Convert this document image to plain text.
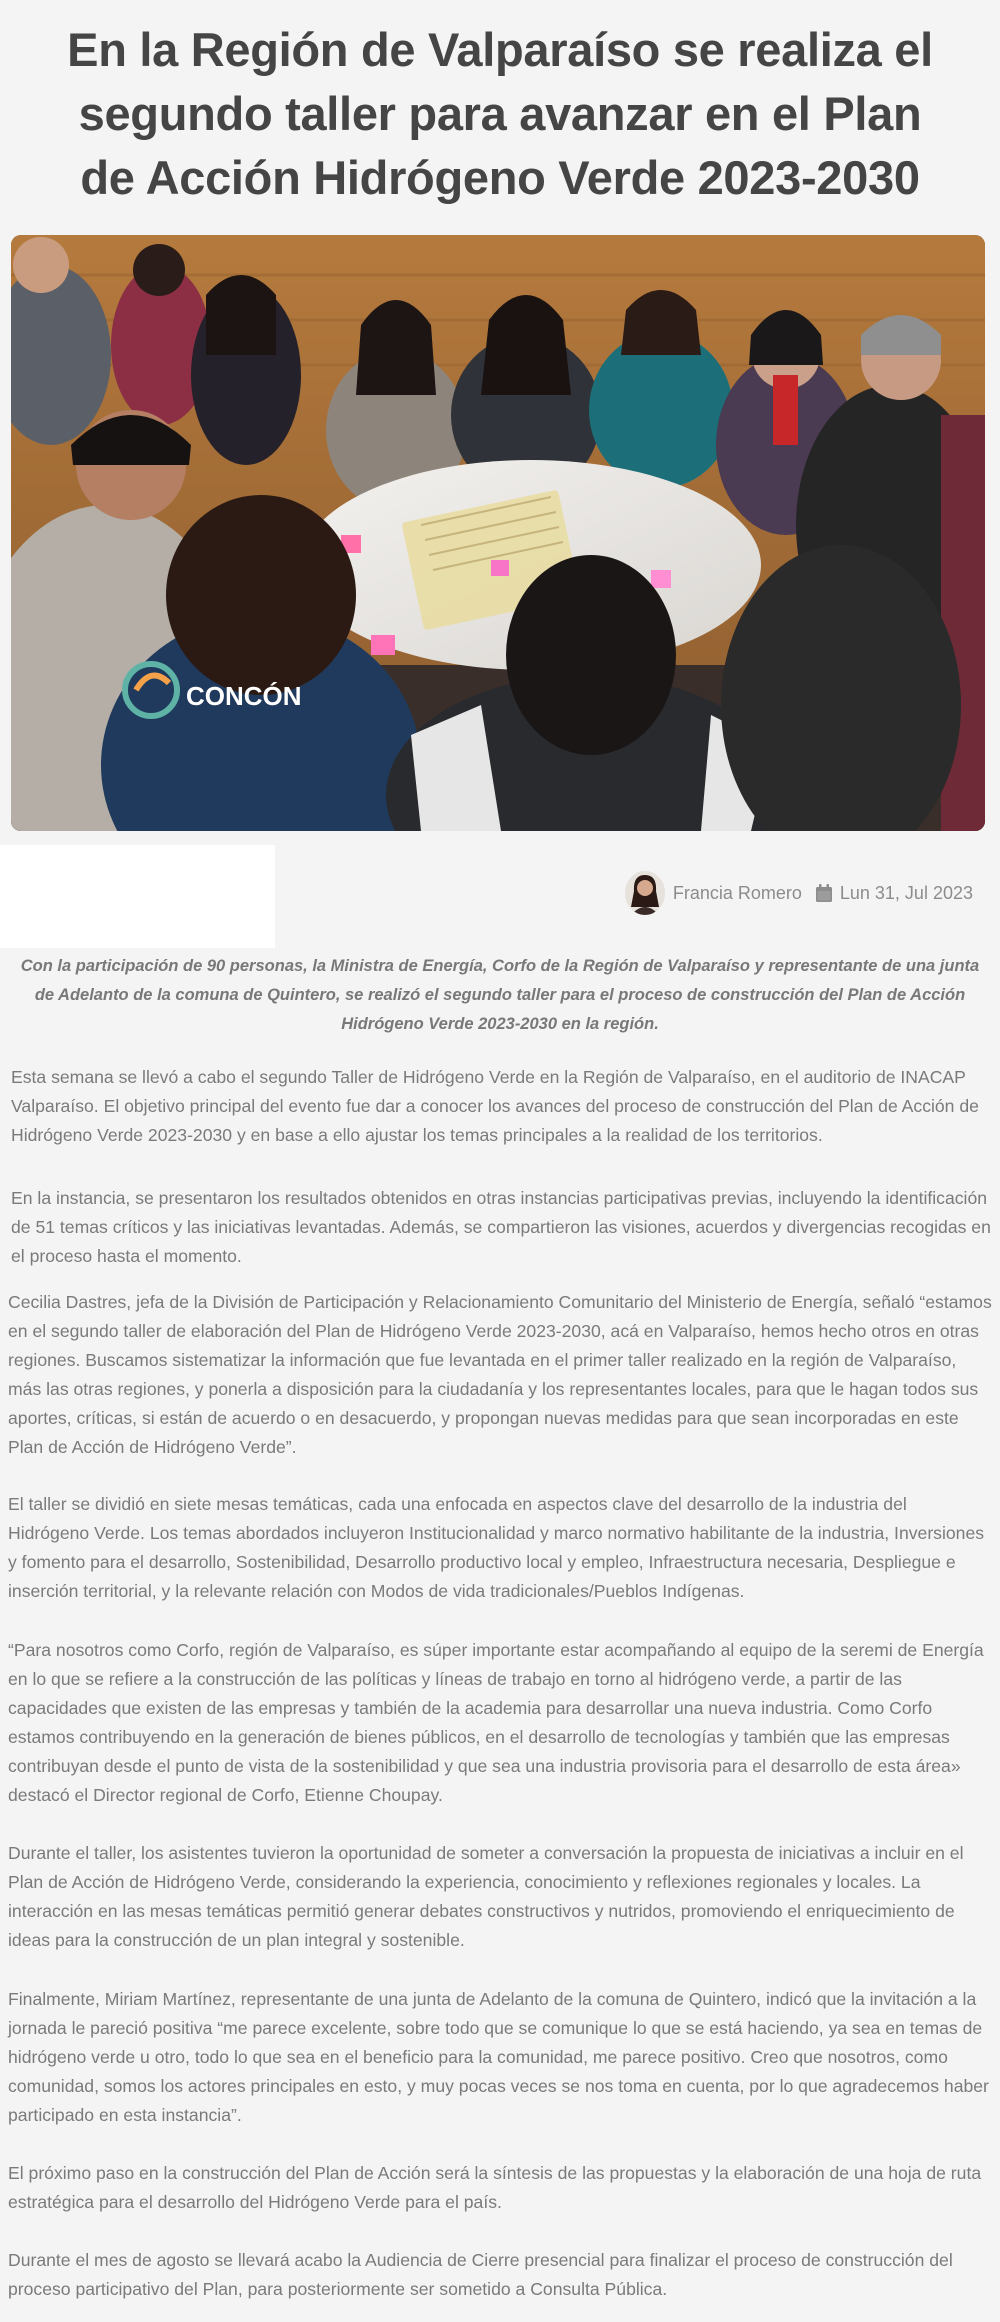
En la Región de Valparaíso se realiza el segundo taller para avanzar en el Plan de Acción Hidrógeno Verde 2023-2030
CONCÓN
Francia Romero Lun 31, Jul 2023

Con la participación de 90 personas, la Ministra de Energía, Corfo de la Región de Valparaíso y representante de una junta de Adelanto de la comuna de Quintero, se realizó el segundo taller para el proceso de construcción del Plan de Acción Hidrógeno Verde 2023-2030 en la región.

Esta semana se llevó a cabo el segundo Taller de Hidrógeno Verde en la Región de Valparaíso, en el auditorio de INACAP Valparaíso. El objetivo principal del evento fue dar a conocer los avances del proceso de construcción del Plan de Acción de Hidrógeno Verde 2023-2030 y en base a ello ajustar los temas principales a la realidad de los territorios.

En la instancia, se presentaron los resultados obtenidos en otras instancias participativas previas, incluyendo la identificación de 51 temas críticos y las iniciativas levantadas. Además, se compartieron las visiones, acuerdos y divergencias recogidas en el proceso hasta el momento.

Cecilia Dastres, jefa de la División de Participación y Relacionamiento Comunitario del Ministerio de Energía, señaló “estamos en el segundo taller de elaboración del Plan de Hidrógeno Verde 2023-2030, acá en Valparaíso, hemos hecho otros en otras regiones. Buscamos sistematizar la información que fue levantada en el primer taller realizado en la región de Valparaíso, más las otras regiones, y ponerla a disposición para la ciudadanía y los representantes locales, para que le hagan todos sus aportes, críticas, si están de acuerdo o en desacuerdo, y propongan nuevas medidas para que sean incorporadas en este Plan de Acción de Hidrógeno Verde”.

El taller se dividió en siete mesas temáticas, cada una enfocada en aspectos clave del desarrollo de la industria del Hidrógeno Verde. Los temas abordados incluyeron Institucionalidad y marco normativo habilitante de la industria, Inversiones y fomento para el desarrollo, Sostenibilidad, Desarrollo productivo local y empleo, Infraestructura necesaria, Despliegue e inserción territorial, y la relevante relación con Modos de vida tradicionales/Pueblos Indígenas.

“Para nosotros como Corfo, región de Valparaíso, es súper importante estar acompañando al equipo de la seremi de Energía en lo que se refiere a la construcción de las políticas y líneas de trabajo en torno al hidrógeno verde, a partir de las capacidades que existen de las empresas y también de la academia para desarrollar una nueva industria. Como Corfo estamos contribuyendo en la generación de bienes públicos, en el desarrollo de tecnologías y también que las empresas contribuyan desde el punto de vista de la sostenibilidad y que sea una industria provisoria para el desarrollo de esta área» destacó el Director regional de Corfo, Etienne Choupay.

Durante el taller, los asistentes tuvieron la oportunidad de someter a conversación la propuesta de iniciativas a incluir en el Plan de Acción de Hidrógeno Verde, considerando la experiencia, conocimiento y reflexiones regionales y locales. La interacción en las mesas temáticas permitió generar debates constructivos y nutridos, promoviendo el enriquecimiento de ideas para la construcción de un plan integral y sostenible.

Finalmente, Miriam Martínez, representante de una junta de Adelanto de la comuna de Quintero, indicó que la invitación a la jornada le pareció positiva “me parece excelente, sobre todo que se comunique lo que se está haciendo, ya sea en temas de hidrógeno verde u otro, todo lo que sea en el beneficio para la comunidad, me parece positivo. Creo que nosotros, como comunidad, somos los actores principales en esto, y muy pocas veces se nos toma en cuenta, por lo que agradecemos haber participado en esta instancia”.

El próximo paso en la construcción del Plan de Acción será la síntesis de las propuestas y la elaboración de una hoja de ruta estratégica para el desarrollo del Hidrógeno Verde para el país.

Durante el mes de agosto se llevará acabo la Audiencia de Cierre presencial para finalizar el proceso de construcción del proceso participativo del Plan, para posteriormente ser sometido a Consulta Pública.
